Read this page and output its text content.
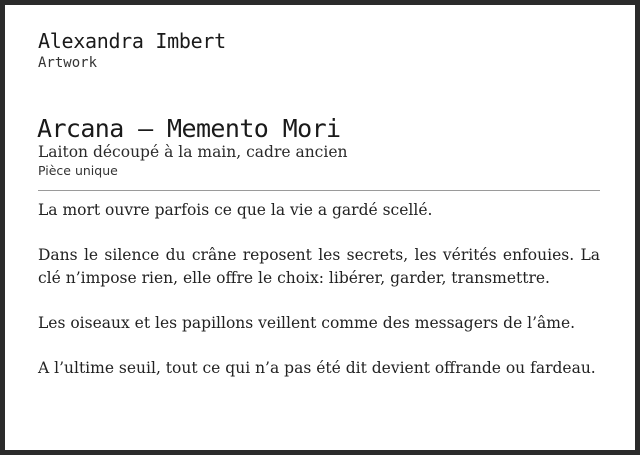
Alexandra Imbert
Artwork
Arcana – Memento Mori
Laiton découpé à la main, cadre ancien
Pièce unique

La mort ouvre parfois ce que la vie a gardé scellé.

Dans le silence du crâne reposent les secrets, les vérités enfouies. La clé n’impose rien, elle offre le choix: libérer, garder, transmettre.

Les oiseaux et les papillons veillent comme des messagers de l’âme.

A l’ultime seuil, tout ce qui n’a pas été dit devient offrande ou fardeau.
